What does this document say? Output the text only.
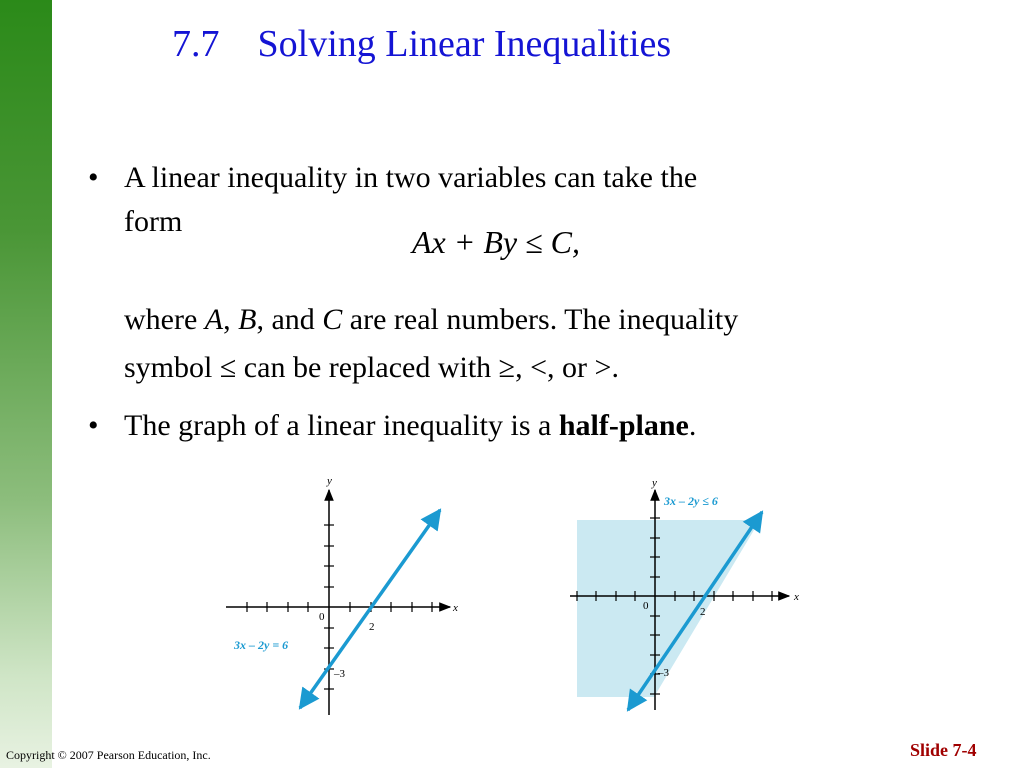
7.7 Solving Linear Inequalities
• A linear inequality in two variables can take the
form
Ax + By ≤ C,
where A, B, and C are real numbers. The inequality
symbol ≤ can be replaced with ≥, <, or >.
• The graph of a linear inequality is a half-plane.
x
y
0
2
–3
3x – 2y = 6
x
y
0	2
–3
3x – 2y ≤ 6
Copyright © 2007 Pearson Education, Inc.	Slide 7-4
